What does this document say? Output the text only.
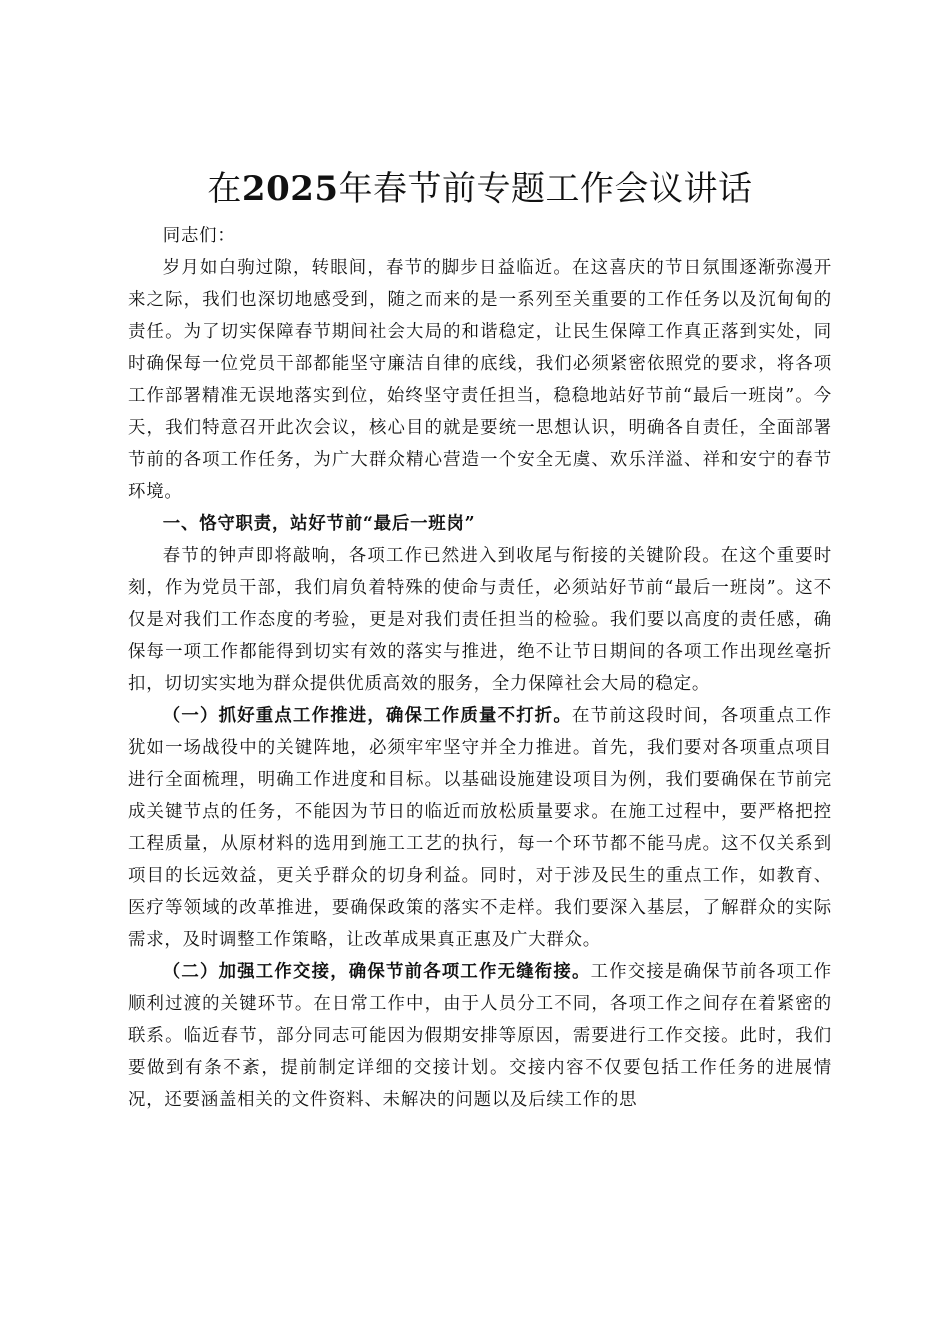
在2025年春节前专题工作会议讲话

同志们：

岁月如白驹过隙，转眼间，春节的脚步日益临近。在这喜庆的节日氛围逐渐弥漫开来之际，我们也深切地感受到，随之而来的是一系列至关重要的工作任务以及沉甸甸的责任。为了切实保障春节期间社会大局的和谐稳定，让民生保障工作真正落到实处，同时确保每一位党员干部都能坚守廉洁自律的底线，我们必须紧密依照党的要求，将各项工作部署精准无误地落实到位，始终坚守责任担当，稳稳地站好节前“最后一班岗”。今天，我们特意召开此次会议，核心目的就是要统一思想认识，明确各自责任，全面部署节前的各项工作任务，为广大群众精心营造一个安全无虞、欢乐洋溢、祥和安宁的春节环境。

一、恪守职责，站好节前“最后一班岗”

春节的钟声即将敲响，各项工作已然进入到收尾与衔接的关键阶段。在这个重要时刻，作为党员干部，我们肩负着特殊的使命与责任，必须站好节前“最后一班岗”。这不仅是对我们工作态度的考验，更是对我们责任担当的检验。我们要以高度的责任感，确保每一项工作都能得到切实有效的落实与推进，绝不让节日期间的各项工作出现丝毫折扣，切切实实地为群众提供优质高效的服务，全力保障社会大局的稳定。

（一）抓好重点工作推进，确保工作质量不打折。在节前这段时间，各项重点工作犹如一场战役中的关键阵地，必须牢牢坚守并全力推进。首先，我们要对各项重点项目进行全面梳理，明确工作进度和目标。以基础设施建设项目为例，我们要确保在节前完成关键节点的任务，不能因为节日的临近而放松质量要求。在施工过程中，要严格把控工程质量，从原材料的选用到施工工艺的执行，每一个环节都不能马虎。这不仅关系到项目的长远效益，更关乎群众的切身利益。同时，对于涉及民生的重点工作，如教育、医疗等领域的改革推进，要确保政策的落实不走样。我们要深入基层，了解群众的实际需求，及时调整工作策略，让改革成果真正惠及广大群众。

（二）加强工作交接，确保节前各项工作无缝衔接。工作交接是确保节前各项工作顺利过渡的关键环节。在日常工作中，由于人员分工不同，各项工作之间存在着紧密的联系。临近春节，部分同志可能因为假期安排等原因，需要进行工作交接。此时，我们要做到有条不紊，提前制定详细的交接计划。交接内容不仅要包括工作任务的进展情况，还要涵盖相关的文件资料、未解决的问题以及后续工作的思
